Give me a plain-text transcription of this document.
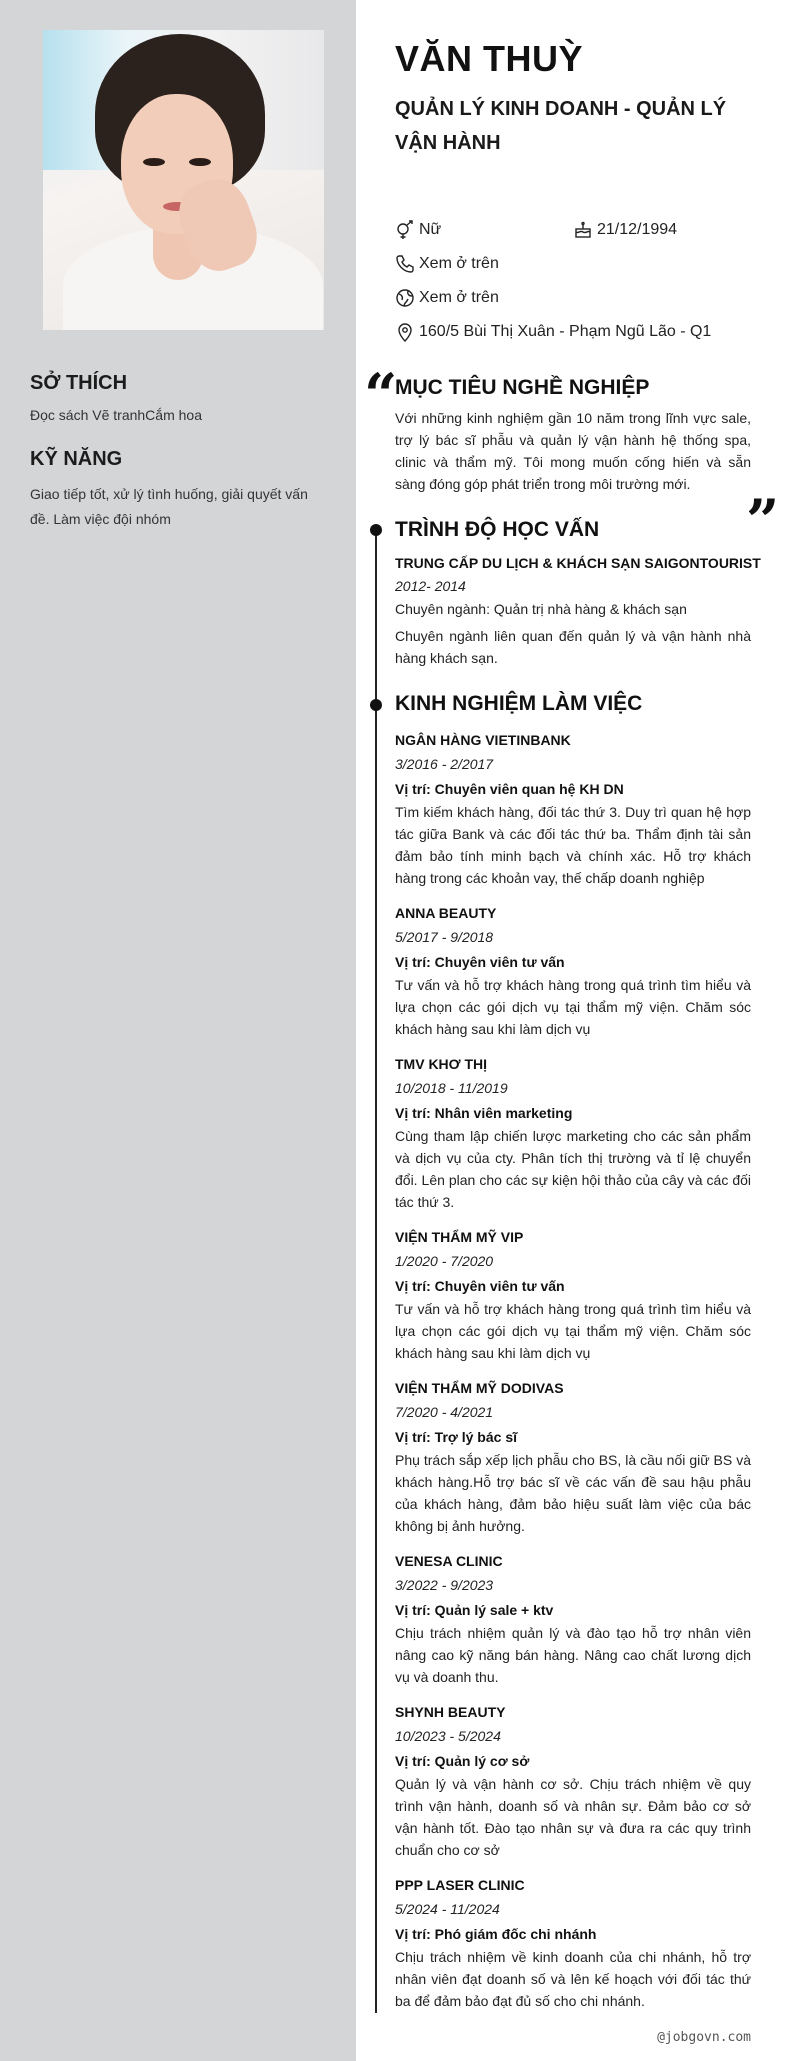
SỞ THÍCH
Đọc sách Vẽ tranhCắm hoa
KỸ NĂNG
Giao tiếp tốt, xử lý tình huống, giải quyết vấn đề. Làm việc đội nhóm
VĂN THUỲ
QUẢN LÝ KINH DOANH - QUẢN LÝ VẬN HÀNH
Nữ	21/12/1994
Xem ở trên
Xem ở trên
160/5 Bùi Thị Xuân - Phạm Ngũ Lão - Q1
“
MỤC TIÊU NGHỀ NGHIỆP
Với những kinh nghiệm gần 10 năm trong lĩnh vực sale, trợ lý bác sĩ phẫu và quản lý vận hành hệ thống spa, clinic và thẩm mỹ. Tôi mong muốn cống hiến và sẵn sàng đóng góp phát triển trong môi trường mới.
”
TRÌNH ĐỘ HỌC VẤN
TRUNG CẤP DU LỊCH & KHÁCH SẠN SAIGONTOURIST
2012- 2014
Chuyên ngành: Quản trị nhà hàng & khách sạn
Chuyên ngành liên quan đến quản lý và vận hành nhà hàng khách sạn.
KINH NGHIỆM LÀM VIỆC
NGÂN HÀNG VIETINBANK
3/2016 - 2/2017
Vị trí: Chuyên viên quan hệ KH DN
Tìm kiếm khách hàng, đối tác thứ 3. Duy trì quan hệ hợp tác giữa Bank và các đối tác thứ ba. Thẩm định tài sản đảm bảo tính minh bạch và chính xác. Hỗ trợ khách hàng trong các khoản vay, thế chấp doanh nghiệp
ANNA BEAUTY
5/2017 - 9/2018
Vị trí: Chuyên viên tư vấn
Tư vấn và hỗ trợ khách hàng trong quá trình tìm hiểu và lựa chọn các gói dịch vụ tại thẩm mỹ viện. Chăm sóc khách hàng sau khi làm dịch vụ
TMV KHƠ THỊ
10/2018 - 11/2019
Vị trí: Nhân viên marketing
Cùng tham lập chiến lược marketing cho các sản phẩm và dịch vụ của cty. Phân tích thị trường và tỉ lệ chuyển đổi. Lên plan cho các sự kiện hội thảo của cây và các đối tác thứ 3.
VIỆN THẨM MỸ VIP
1/2020 - 7/2020
Vị trí: Chuyên viên tư vấn
Tư vấn và hỗ trợ khách hàng trong quá trình tìm hiểu và lựa chọn các gói dịch vụ tại thẩm mỹ viện. Chăm sóc khách hàng sau khi làm dịch vụ
VIỆN THẨM MỸ DODIVAS
7/2020 - 4/2021
Vị trí: Trợ lý bác sĩ
Phụ trách sắp xếp lịch phẫu cho BS, là cầu nối giữ BS và khách hàng.Hỗ trợ bác sĩ về các vấn đề sau hậu phẫu của khách hàng, đảm bảo hiệu suất làm việc của bác không bị ảnh hưởng.
VENESA CLINIC
3/2022 - 9/2023
Vị trí: Quản lý sale + ktv
Chịu trách nhiệm quản lý và đào tạo hỗ trợ nhân viên nâng cao kỹ năng bán hàng. Nâng cao chất lương dịch vụ và doanh thu.
SHYNH BEAUTY
10/2023 - 5/2024
Vị trí: Quản lý cơ sở
Quản lý và vận hành cơ sở. Chịu trách nhiệm về quy trình vận hành, doanh số và nhân sự. Đảm bảo cơ sở vận hành tốt. Đào tạo nhân sự và đưa ra các quy trình chuẩn cho cơ sở
PPP LASER CLINIC
5/2024 - 11/2024
Vị trí: Phó giám đốc chi nhánh
Chịu trách nhiệm về kinh doanh của chi nhánh, hỗ trợ nhân viên đạt doanh số và lên kế hoạch với đối tác thứ ba để đảm bảo đạt đủ số cho chi nhánh.
@jobgovn.com
